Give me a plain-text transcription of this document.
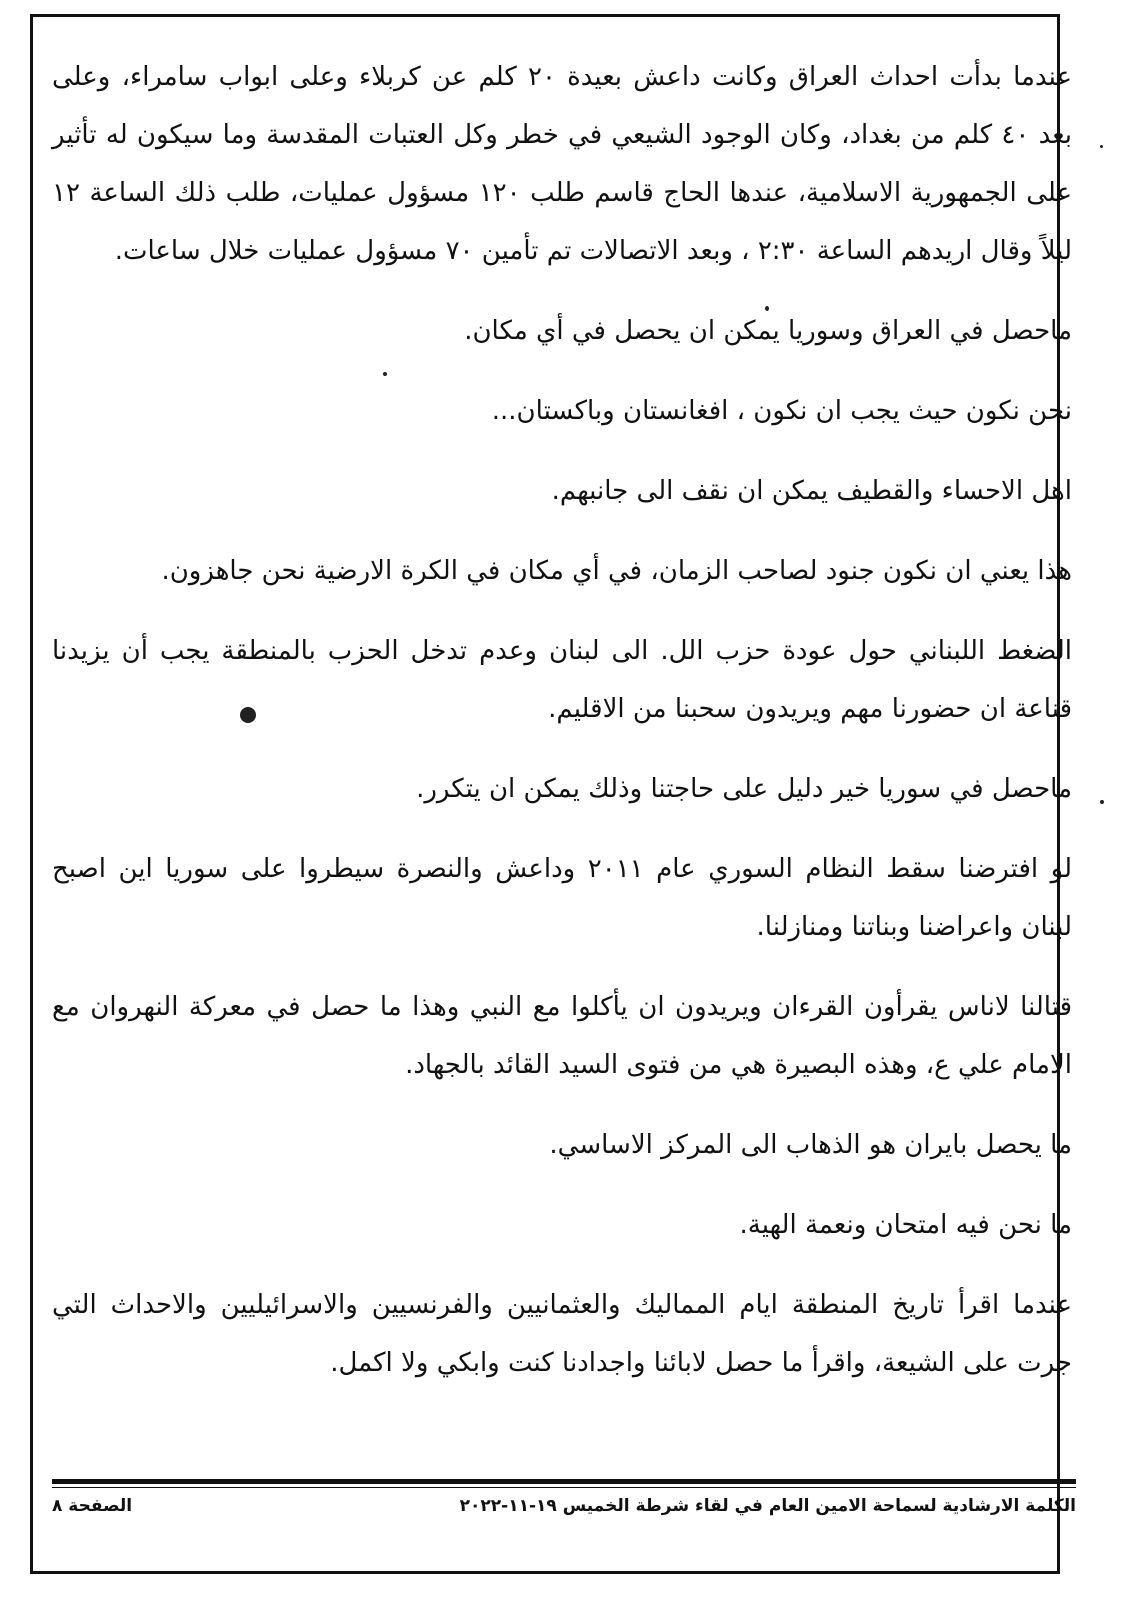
عندما بدأت احداث العراق وكانت داعش بعيدة ٢٠ كلم عن كربلاء وعلى ابواب سامراء، وعلى بعد ٤٠ كلم من بغداد، وكان الوجود الشيعي في خطر وكل العتبات المقدسة وما سيكون له تأثير على الجمهورية الاسلامية، عندها الحاج قاسم طلب ١٢٠ مسؤول عمليات، طلب ذلك الساعة ١٢ ليلاً وقال اريدهم الساعة ٢:٣٠ ، وبعد الاتصالات تم تأمين ٧٠ مسؤول عمليات خلال ساعات.

ماحصل في العراق وسوريا يمكن ان يحصل في أي مكان.

نحن نكون حيث يجب ان نكون ، افغانستان وباكستان...

اهل الاحساء والقطيف يمكن ان نقف الى جانبهم.

هذا يعني ان نكون جنود لصاحب الزمان، في أي مكان في الكرة الارضية نحن جاهزون.

الضغط اللبناني حول عودة حزب الل. الى لبنان وعدم تدخل الحزب بالمنطقة يجب أن يزيدنا قناعة ان حضورنا مهم ويريدون سحبنا من الاقليم.

ماحصل في سوريا خير دليل على حاجتنا وذلك يمكن ان يتكرر.

لو افترضنا سقط النظام السوري عام ٢٠١١ وداعش والنصرة سيطروا على سوريا اين اصبح لبنان واعراضنا وبناتنا ومنازلنا.

قتالنا لاناس يقرأون القرءان ويريدون ان يأكلوا مع النبي وهذا ما حصل في معركة النهروان مع الامام علي ع، وهذه البصيرة هي من فتوى السيد القائد بالجهاد.

ما يحصل بايران هو الذهاب الى المركز الاساسي.

ما نحن فيه امتحان ونعمة الهية.

عندما اقرأ تاريخ المنطقة ايام المماليك والعثمانيين والفرنسيين والاسرائيليين والاحداث التي جرت على الشيعة، واقرأ ما حصل لابائنا واجدادنا كنت وابكي ولا اكمل.

الكلمة الارشادية لسماحة الامين العام في لقاء شرطة الخميس ١٩-١١-٢٠٢٢
الصفحة ٨
